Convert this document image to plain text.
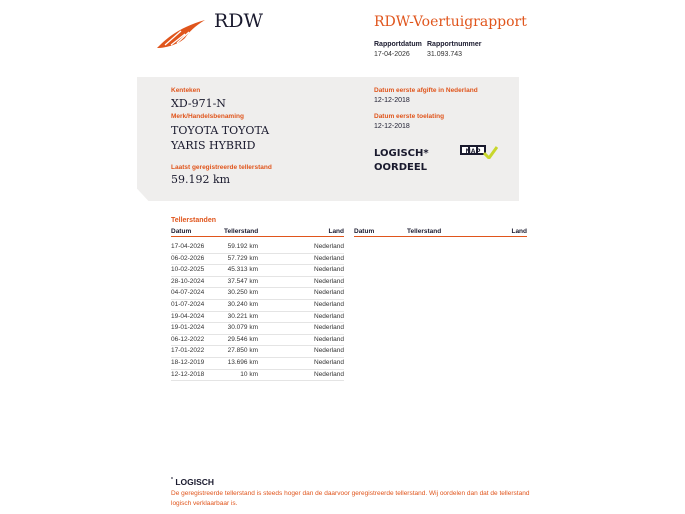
RDW	RDW-Voertuigrapport
Rapportdatum
17-04-2026
Rapportnummer
31.093.743
Kenteken
XD-971-N
Merk/Handelsbenaming
TOYOTA TOYOTA
YARIS HYBRID
Laatst geregistreerde tellerstand
59.192 km
Datum eerste afgifte in Nederland
12-12-2018
Datum eerste toelating
12-12-2018
LOGISCH*
OORDEEL
NAP
Tellerstanden
Datum	Tellerstand	Land
17-04-2026	59.192 km	Nederland
06-02-2026	57.729 km	Nederland
10-02-2025	45.313 km	Nederland
28-10-2024	37.547 km	Nederland
04-07-2024	30.250 km	Nederland
01-07-2024	30.240 km	Nederland
19-04-2024	30.221 km	Nederland
19-01-2024	30.079 km	Nederland
06-12-2022	29.546 km	Nederland
17-01-2022	27.850 km	Nederland
18-12-2019	13.696 km	Nederland
12-12-2018	10 km	Nederland
Datum	Tellerstand	Land
* LOGISCH
De geregistreerde tellerstand is steeds hoger dan de daarvoor geregistreerde tellerstand. Wij oordelen dan dat de tellerstand logisch verklaarbaar is.
